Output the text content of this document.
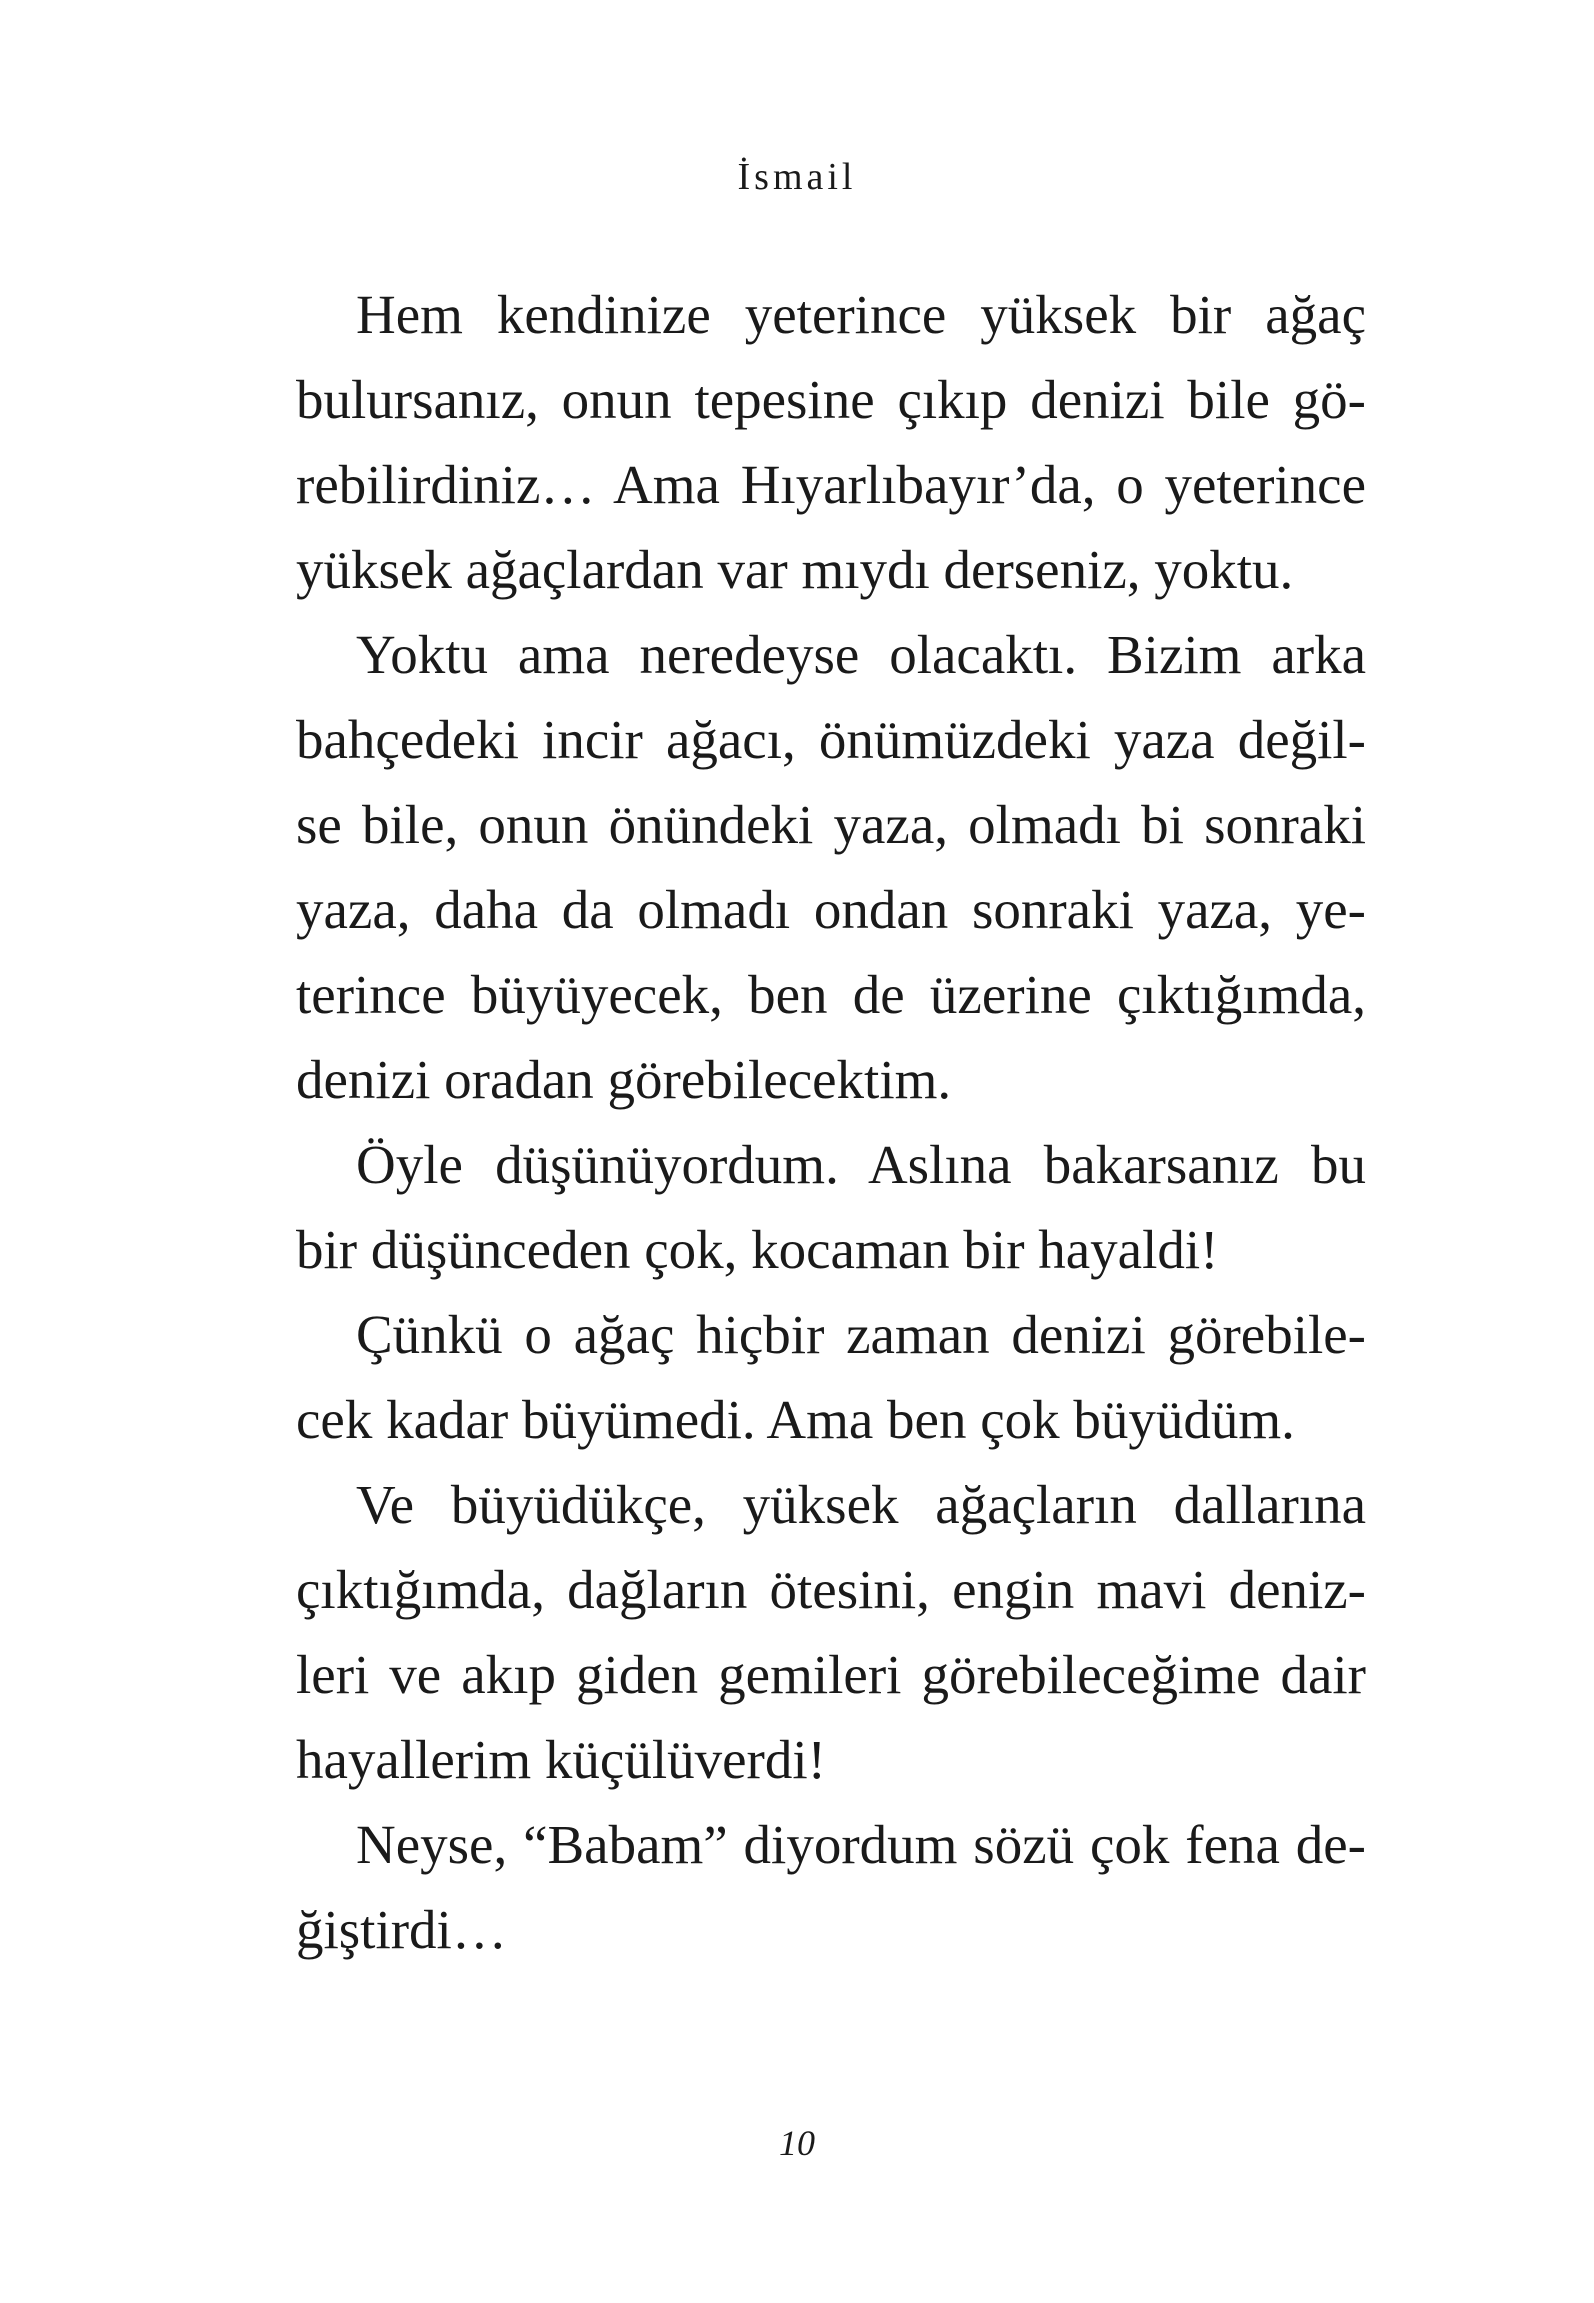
İsmail
Hem kendinize yeterince yüksek bir ağaç
bulursanız, onun tepesine çıkıp denizi bile gö-
rebilirdiniz… Ama Hıyarlıbayır’da, o yeterince
yüksek ağaçlardan var mıydı derseniz, yoktu.
Yoktu ama neredeyse olacaktı. Bizim arka
bahçedeki incir ağacı, önümüzdeki yaza değil-
se bile, onun önündeki yaza, olmadı bi sonraki
yaza, daha da olmadı ondan sonraki yaza, ye-
terince büyüyecek, ben de üzerine çıktığımda,
denizi oradan görebilecektim.
Öyle düşünüyordum. Aslına bakarsanız bu
bir düşünceden çok, kocaman bir hayaldi!
Çünkü o ağaç hiçbir zaman denizi görebile-
cek kadar büyümedi. Ama ben çok büyüdüm.
Ve büyüdükçe, yüksek ağaçların dallarına
çıktığımda, dağların ötesini, engin mavi deniz-
leri ve akıp giden gemileri görebileceğime dair
hayallerim küçülüverdi!
Neyse, “Babam” diyordum sözü çok fena de-
ğiştirdi…
10
